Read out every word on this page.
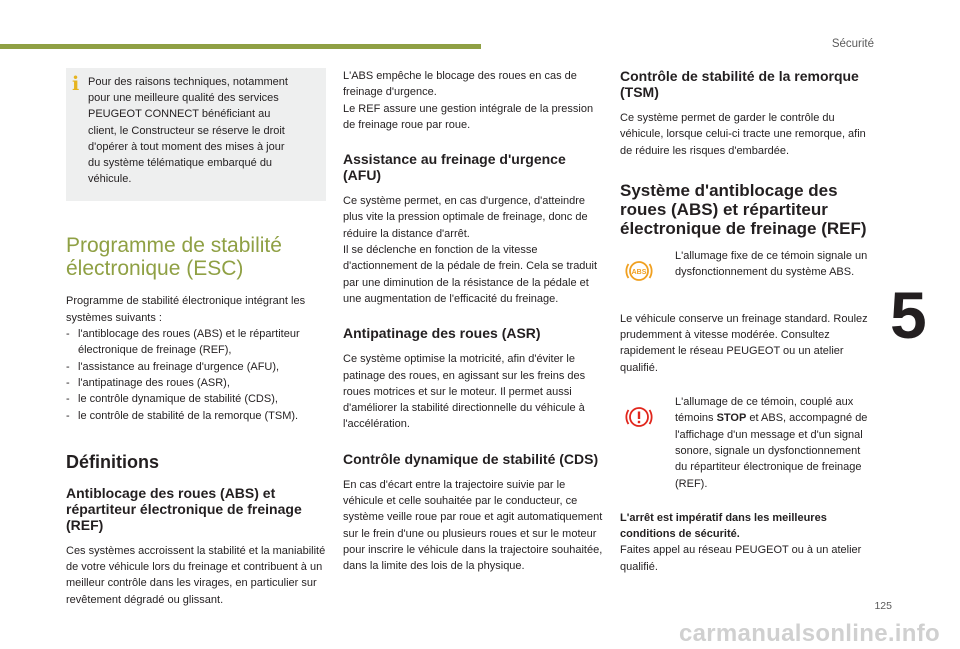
Sécurité
5
125
carmanualsonline.info
i Pour des raisons techniques, notamment

pour une meilleure qualité des services

PEUGEOT CONNECT bénéficiant au

client, le Constructeur se réserve le droit

d'opérer à tout moment des mises à jour

du système télématique embarqué du

véhicule.

Programme de stabilité
électronique (ESC)

Programme de stabilité électronique intégrant les systèmes suivants :

- l'antiblocage des roues (ABS) et le répartiteur électronique de freinage (REF),
- l'assistance au freinage d'urgence (AFU),
- l'antipatinage des roues (ASR),
- le contrôle dynamique de stabilité (CDS),
- le contrôle de stabilité de la remorque (TSM).
Définitions
Antiblocage des roues (ABS) et répartiteur électronique de freinage (REF)

Ces systèmes accroissent la stabilité et la maniabilité de votre véhicule lors du freinage et contribuent à un meilleur contrôle dans les virages, en particulier sur revêtement dégradé ou glissant.

L'ABS empêche le blocage des roues en cas de freinage d'urgence.

Le REF assure une gestion intégrale de la pression de freinage roue par roue.

Assistance au freinage d'urgence (AFU)

Ce système permet, en cas d'urgence, d'atteindre plus vite la pression optimale de freinage, donc de réduire la distance d'arrêt.

Il se déclenche en fonction de la vitesse d'actionnement de la pédale de frein. Cela se traduit par une diminution de la résistance de la pédale et une augmentation de l'efficacité du freinage.

Antipatinage des roues (ASR)

Ce système optimise la motricité, afin d'éviter le patinage des roues, en agissant sur les freins des roues motrices et sur le moteur. Il permet aussi d'améliorer la stabilité directionnelle du véhicule à l'accélération.

Contrôle dynamique de stabilité (CDS)

En cas d'écart entre la trajectoire suivie par le véhicule et celle souhaitée par le conducteur, ce système veille roue par roue et agit automatiquement sur le frein d'une ou plusieurs roues et sur le moteur pour inscrire le véhicule dans la trajectoire souhaitée, dans la limite des lois de la physique.

Contrôle de stabilité de la remorque (TSM)

Ce système permet de garder le contrôle du véhicule, lorsque celui-ci tracte une remorque, afin de réduire les risques d'embardée.

Système d'antiblocage des roues (ABS) et répartiteur électronique de freinage (REF)
ABS

L'allumage fixe de ce témoin signale un dysfonctionnement du système ABS.

Le véhicule conserve un freinage standard. Roulez prudemment à vitesse modérée. Consultez rapidement le réseau PEUGEOT ou un atelier qualifié.

L'allumage de ce témoin, couplé aux témoins STOP et ABS, accompagné de l'affichage d'un message et d'un signal sonore, signale un dysfonctionnement du répartiteur électronique de freinage (REF).

L'arrêt est impératif dans les meilleures conditions de sécurité.

Faites appel au réseau PEUGEOT ou à un atelier qualifié.
